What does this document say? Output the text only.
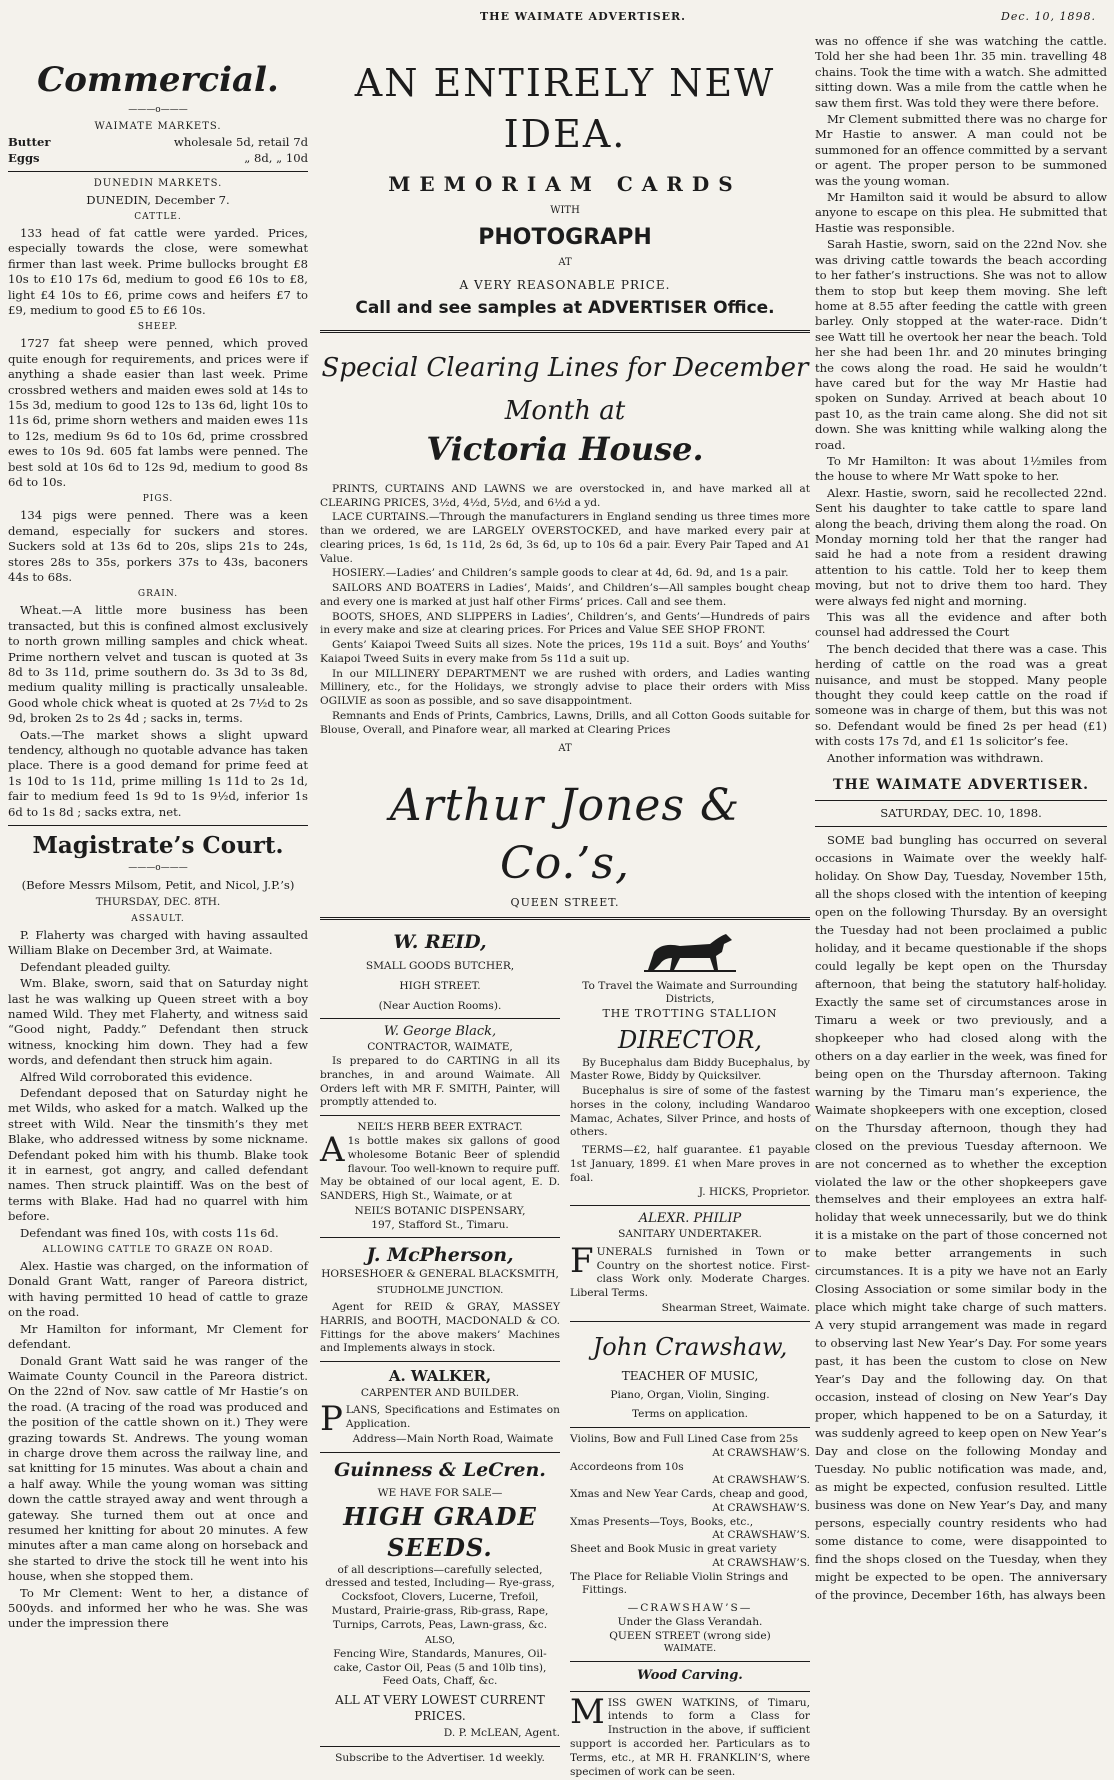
THE WAIMATE ADVERTISER.	Dec. 10, 1898.
Commercial.
———o———
WAIMATE MARKETS.
Butter	wholesale 5d, retail 7d
Eggs	„ 8d, „ 10d
DUNEDIN MARKETS.
DUNEDIN, December 7.
CATTLE.

133 head of fat cattle were yarded. Prices, especially towards the close, were somewhat firmer than last week. Prime bullocks brought £8 10s to £10 17s 6d, medium to good £6 10s to £8, light £4 10s to £6, prime cows and heifers £7 to £9, medium to good £5 to £6 10s.

SHEEP.

1727 fat sheep were penned, which proved quite enough for requirements, and prices were if anything a shade easier than last week. Prime crossbred wethers and maiden ewes sold at 14s to 15s 3d, medium to good 12s to 13s 6d, light 10s to 11s 6d, prime shorn wethers and maiden ewes 11s to 12s, medium 9s 6d to 10s 6d, prime crossbred ewes to 10s 9d. 605 fat lambs were penned. The best sold at 10s 6d to 12s 9d, medium to good 8s 6d to 10s.

PIGS.

134 pigs were penned. There was a keen demand, especially for suckers and stores. Suckers sold at 13s 6d to 20s, slips 21s to 24s, stores 28s to 35s, porkers 37s to 43s, baconers 44s to 68s.

GRAIN.

Wheat.—A little more business has been transacted, but this is confined almost exclusively to north grown milling samples and chick wheat. Prime northern velvet and tuscan is quoted at 3s 8d to 3s 11d, prime southern do. 3s 3d to 3s 8d, medium quality milling is practically unsaleable. Good whole chick wheat is quoted at 2s 7½d to 2s 9d, broken 2s to 2s 4d ; sacks in, terms.

Oats.—The market shows a slight upward tendency, although no quotable advance has taken place. There is a good demand for prime feed at 1s 10d to 1s 11d, prime milling 1s 11d to 2s 1d, fair to medium feed 1s 9d to 1s 9½d, inferior 1s 6d to 1s 8d ; sacks extra, net.

Magistrate’s Court.
———o———
(Before Messrs Milsom, Petit, and Nicol, J.P.’s)
THURSDAY, DEC. 8TH.
ASSAULT.

P. Flaherty was charged with having assaulted William Blake on December 3rd, at Waimate.

Defendant pleaded guilty.

Wm. Blake, sworn, said that on Saturday night last he was walking up Queen street with a boy named Wild. They met Flaherty, and witness said “Good night, Paddy.” Defendant then struck witness, knocking him down. They had a few words, and defendant then struck him again.

Alfred Wild corroborated this evidence.

Defendant deposed that on Saturday night he met Wilds, who asked for a match. Walked up the street with Wild. Near the tinsmith’s they met Blake, who addressed witness by some nickname. Defendant poked him with his thumb. Blake took it in earnest, got angry, and called defendant names. Then struck plaintiff. Was on the best of terms with Blake. Had had no quarrel with him before.

Defendant was fined 10s, with costs 11s 6d.

ALLOWING CATTLE TO GRAZE ON ROAD.

Alex. Hastie was charged, on the information of Donald Grant Watt, ranger of Pareora district, with having permitted 10 head of cattle to graze on the road.

Mr Hamilton for informant, Mr Clement for defendant.

Donald Grant Watt said he was ranger of the Waimate County Council in the Pareora district. On the 22nd of Nov. saw cattle of Mr Hastie’s on the road. (A tracing of the road was produced and the position of the cattle shown on it.) They were grazing towards St. Andrews. The young woman in charge drove them across the railway line, and sat knitting for 15 minutes. Was about a chain and a half away. While the young woman was sitting down the cattle strayed away and went through a gateway. She turned them out at once and resumed her knitting for about 20 minutes. A few minutes after a man came along on horseback and she started to drive the stock till he went into his house, when she stopped them.

To Mr Clement: Went to her, a distance of 500yds. and informed her who he was. She was under the impression there

AN ENTIRELY NEW IDEA.
MEMORIAM CARDS
WITH
PHOTOGRAPH
AT
A VERY REASONABLE PRICE.
Call and see samples at ADVERTISER Office.
Special Clearing Lines for December
Month at
Victoria House.

PRINTS, CURTAINS AND LAWNS we are overstocked in, and have marked all at CLEARING PRICES, 3½d, 4½d, 5½d, and 6½d a yd.

LACE CURTAINS.—Through the manufacturers in England sending us three times more than we ordered, we are LARGELY OVERSTOCKED, and have marked every pair at clearing prices, 1s 6d, 1s 11d, 2s 6d, 3s 6d, up to 10s 6d a pair. Every Pair Taped and A1 Value.

HOSIERY.—Ladies’ and Children’s sample goods to clear at 4d, 6d. 9d, and 1s a pair.

SAILORS AND BOATERS in Ladies’, Maids’, and Children’s—All samples bought cheap and every one is marked at just half other Firms’ prices. Call and see them.

BOOTS, SHOES, AND SLIPPERS in Ladies’, Children’s, and Gents’—Hundreds of pairs in every make and size at clearing prices. For Prices and Value SEE SHOP FRONT.

Gents’ Kaiapoi Tweed Suits all sizes. Note the prices, 19s 11d a suit. Boys’ and Youths’ Kaiapoi Tweed Suits in every make from 5s 11d a suit up.

In our MILLINERY DEPARTMENT we are rushed with orders, and Ladies wanting Millinery, etc., for the Holidays, we strongly advise to place their orders with Miss OGILVIE as soon as possible, and so save disappointment.

Remnants and Ends of Prints, Cambrics, Lawns, Drills, and all Cotton Goods suitable for Blouse, Overall, and Pinafore wear, all marked at Clearing Prices

AT
Arthur Jones & Co.’s,
QUEEN STREET.
W. REID,
SMALL GOODS BUTCHER,
HIGH STREET.
(Near Auction Rooms).
W. George Black,
CONTRACTOR, WAIMATE,

Is prepared to do CARTING in all its branches, in and around Waimate. All Orders left with MR F. SMITH, Painter, will promptly attended to.

NEIL’S HERB BEER EXTRACT.

A 1s bottle makes six gallons of good wholesome Botanic Beer of splendid flavour. Too well-known to require puff. May be obtained of our local agent, E. D. SANDERS, High St., Waimate, or at

NEIL’S BOTANIC DISPENSARY,
197, Stafford St., Timaru.
J. McPherson,
HORSESHOER & GENERAL BLACKSMITH,
STUDHOLME JUNCTION.

Agent for REID & GRAY, MASSEY HARRIS, and BOOTH, MACDONALD & CO. Fittings for the above makers’ Machines and Implements always in stock.

A. WALKER,
CARPENTER AND BUILDER.

PLANS, Specifications and Estimates on Application.

Address—Main North Road, Waimate
Guinness & LeCren.
WE HAVE FOR SALE—
HIGH GRADE SEEDS.
of all descriptions—carefully selected, dressed and tested, Including— Rye-grass, Cocksfoot, Clovers, Lucerne, Trefoil, Mustard, Prairie-grass, Rib-grass, Rape, Turnips, Carrots, Peas, Lawn-grass, &c.
ALSO,
Fencing Wire, Standards, Manures, Oil-cake, Castor Oil, Peas (5 and 10lb tins), Feed Oats, Chaff, &c.
ALL AT VERY LOWEST CURRENT PRICES.
D. P. McLEAN, Agent.
Subscribe to the Advertiser. 1d weekly.
To Travel the Waimate and Surrounding Districts,
THE TROTTING STALLION
DIRECTOR,

By Bucephalus dam Biddy Bucephalus, by Master Rowe, Biddy by Quicksilver.

Bucephalus is sire of some of the fastest horses in the colony, including Wandaroo Mamac, Achates, Silver Prince, and hosts of others.

TERMS—£2, half guarantee. £1 payable 1st January, 1899. £1 when Mare proves in foal.

J. HICKS, Proprietor.
ALEXR. PHILIP
SANITARY UNDERTAKER.

FUNERALS furnished in Town or Country on the shortest notice. First-class Work only. Moderate Charges. Liberal Terms.

Shearman Street, Waimate.
John Crawshaw,
TEACHER OF MUSIC,
Piano, Organ, Violin, Singing.
Terms on application.
Violins, Bow and Full Lined Case from 25s
At CRAWSHAW’S.
Accordeons from 10s
At CRAWSHAW’S.
Xmas and New Year Cards, cheap and good,
At CRAWSHAW’S.
Xmas Presents—Toys, Books, etc.,
At CRAWSHAW’S.
Sheet and Book Music in great variety
At CRAWSHAW’S.
The Place for Reliable Violin Strings and Fittings.
—CRAWSHAW’S—
Under the Glass Verandah.
QUEEN STREET (wrong side)
WAIMATE.
Wood Carving.

MISS GWEN WATKINS, of Timaru, intends to form a Class for Instruction in the above, if sufficient support is accorded her. Particulars as to Terms, etc., at MR H. FRANKLIN’S, where specimen of work can be seen.

was no offence if she was watching the cattle. Told her she had been 1hr. 35 min. travelling 48 chains. Took the time with a watch. She admitted sitting down. Was a mile from the cattle when he saw them first. Was told they were there before.

Mr Clement submitted there was no charge for Mr Hastie to answer. A man could not be summoned for an offence committed by a servant or agent. The proper person to be summoned was the young woman.

Mr Hamilton said it would be absurd to allow anyone to escape on this plea. He submitted that Hastie was responsible.

Sarah Hastie, sworn, said on the 22nd Nov. she was driving cattle towards the beach according to her father’s instructions. She was not to allow them to stop but keep them moving. She left home at 8.55 after feeding the cattle with green barley. Only stopped at the water-race. Didn’t see Watt till he overtook her near the beach. Told her she had been 1hr. and 20 minutes bringing the cows along the road. He said he wouldn’t have cared but for the way Mr Hastie had spoken on Sunday. Arrived at beach about 10 past 10, as the train came along. She did not sit down. She was knitting while walking along the road.

To Mr Hamilton: It was about 1½miles from the house to where Mr Watt spoke to her.

Alexr. Hastie, sworn, said he recollected 22nd. Sent his daughter to take cattle to spare land along the beach, driving them along the road. On Monday morning told her that the ranger had said he had a note from a resident drawing attention to his cattle. Told her to keep them moving, but not to drive them too hard. They were always fed night and morning.

This was all the evidence and after both counsel had addressed the Court

The bench decided that there was a case. This herding of cattle on the road was a great nuisance, and must be stopped. Many people thought they could keep cattle on the road if someone was in charge of them, but this was not so. Defendant would be fined 2s per head (£1) with costs 17s 7d, and £1 1s solicitor’s fee.

Another information was withdrawn.

THE WAIMATE ADVERTISER.
SATURDAY, DEC. 10, 1898.

SOME bad bungling has occurred on several occasions in Waimate over the weekly half-holiday. On Show Day, Tuesday, November 15th, all the shops closed with the intention of keeping open on the following Thursday. By an oversight the Tuesday had not been proclaimed a public holiday, and it became questionable if the shops could legally be kept open on the Thursday afternoon, that being the statutory half-holiday. Exactly the same set of circumstances arose in Timaru a week or two previously, and a shopkeeper who had closed along with the others on a day earlier in the week, was fined for being open on the Thursday afternoon. Taking warning by the Timaru man’s experience, the Waimate shopkeepers with one exception, closed on the Thursday afternoon, though they had closed on the previous Tuesday afternoon. We are not concerned as to whether the exception violated the law or the other shopkeepers gave themselves and their employees an extra half-holiday that week unnecessarily, but we do think it is a mistake on the part of those concerned not to make better arrangements in such circumstances. It is a pity we have not an Early Closing Association or some similar body in the place which might take charge of such matters. A very stupid arrangement was made in regard to observing last New Year’s Day. For some years past, it has been the custom to close on New Year’s Day and the following day. On that occasion, instead of closing on New Year’s Day proper, which happened to be on a Saturday, it was suddenly agreed to keep open on New Year’s Day and close on the following Monday and Tuesday. No public notification was made, and, as might be expected, confusion resulted. Little business was done on New Year’s Day, and many persons, especially country residents who had some distance to come, were disappointed to find the shops closed on the Tuesday, when they might be expected to be open. The anniversary of the province, December 16th, has always been
